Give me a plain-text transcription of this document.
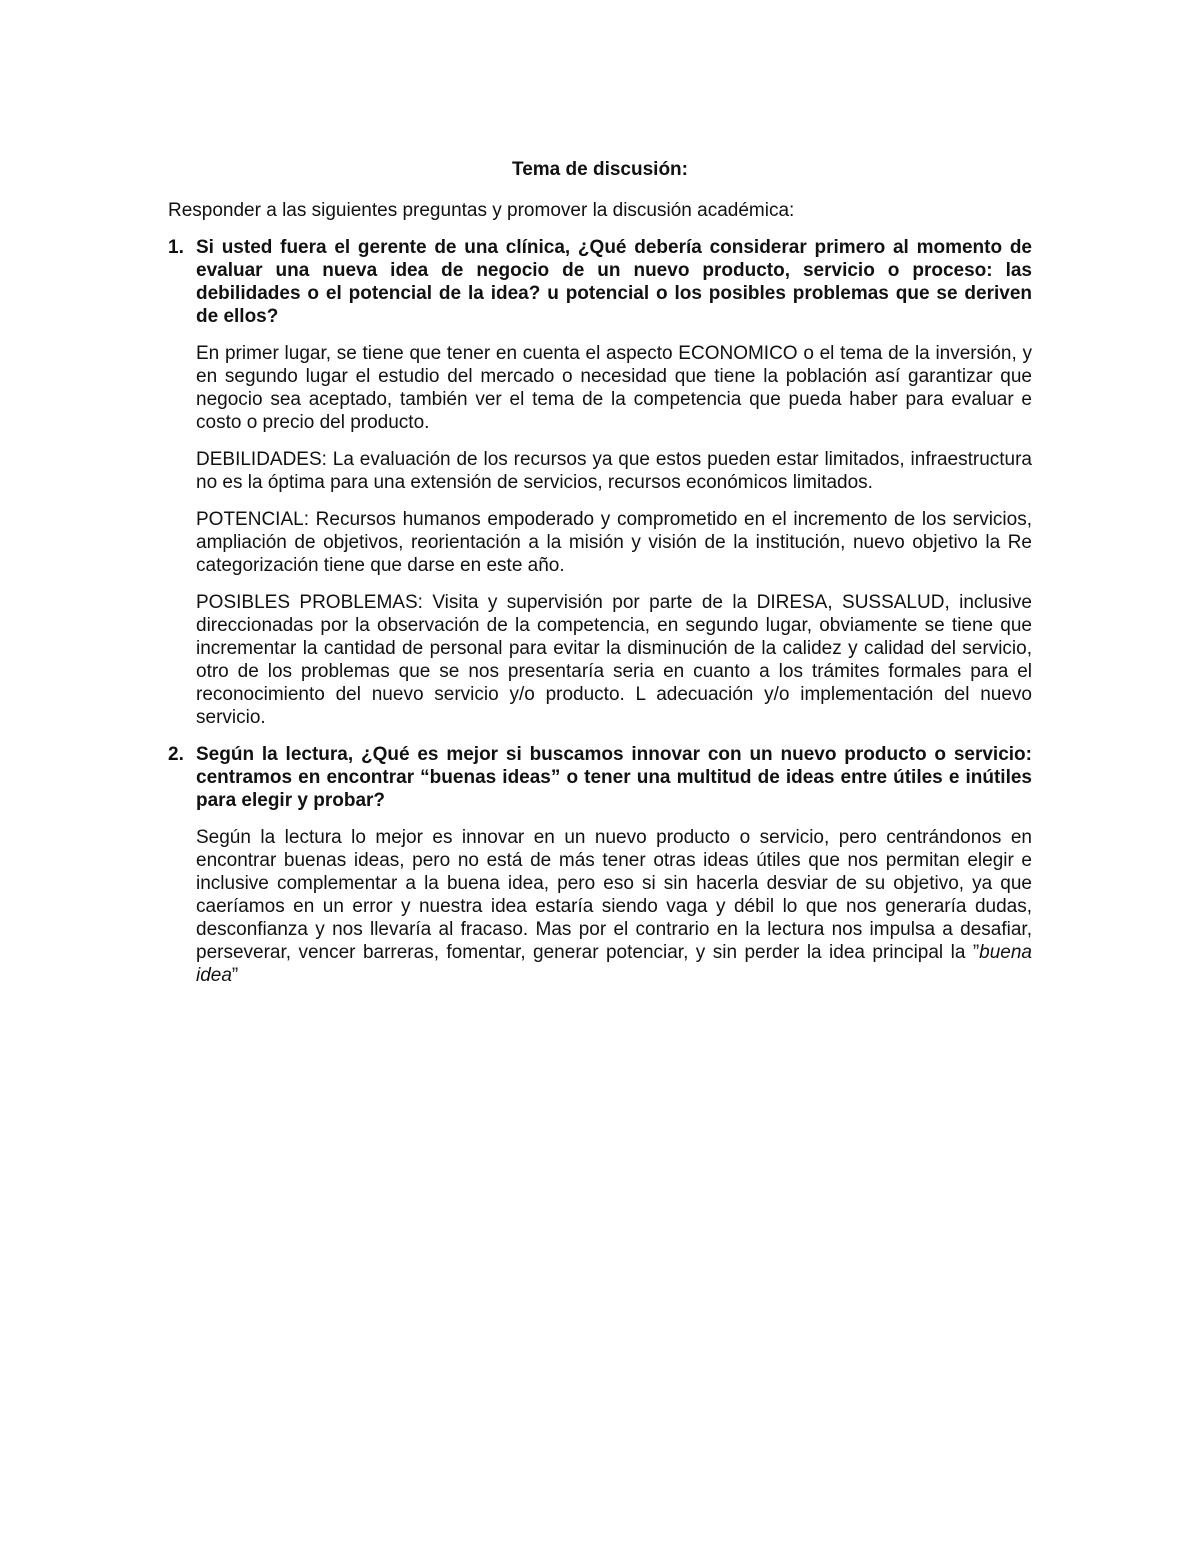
Tema de discusión:
Responder a las siguientes preguntas y promover la discusión académica:
1. Si usted fuera el gerente de una clínica, ¿Qué debería considerar primero al momento de evaluar una nueva idea de negocio de un nuevo producto, servicio o proceso: las debilidades o el potencial de la idea? u potencial o los posibles problemas que se deriven de ellos?
En primer lugar, se tiene que tener en cuenta el aspecto ECONOMICO o el tema de la inversión, y en segundo lugar el estudio del mercado o necesidad que tiene la población así garantizar que negocio sea aceptado, también ver el tema de la competencia que pueda haber para evaluar e costo o precio del producto.
DEBILIDADES: La evaluación de los recursos ya que estos pueden estar limitados, infraestructura no es la óptima para una extensión de servicios, recursos económicos limitados.
POTENCIAL: Recursos humanos empoderado y comprometido en el incremento de los servicios, ampliación de objetivos, reorientación a la misión y visión de la institución, nuevo objetivo la Re categorización tiene que darse en este año.
POSIBLES PROBLEMAS: Visita y supervisión por parte de la DIRESA, SUSSALUD, inclusive direccionadas por la observación de la competencia, en segundo lugar, obviamente se tiene que incrementar la cantidad de personal para evitar la disminución de la calidez y calidad del servicio, otro de los problemas que se nos presentaría seria en cuanto a los trámites formales para el reconocimiento del nuevo servicio y/o producto. L adecuación y/o implementación del nuevo servicio.
2. Según la lectura, ¿Qué es mejor si buscamos innovar con un nuevo producto o servicio: centramos en encontrar “buenas ideas” o tener una multitud de ideas entre útiles e inútiles para elegir y probar?
Según la lectura lo mejor es innovar en un nuevo producto o servicio, pero centrándonos en encontrar buenas ideas, pero no está de más tener otras ideas útiles que nos permitan elegir e inclusive complementar a la buena idea, pero eso si sin hacerla desviar de su objetivo, ya que caeríamos en un error y nuestra idea estaría siendo vaga y débil lo que nos generaría dudas, desconfianza y nos llevaría al fracaso. Mas por el contrario en la lectura nos impulsa a desafiar, perseverar, vencer barreras, fomentar, generar potenciar, y sin perder la idea principal la ”buena idea”
